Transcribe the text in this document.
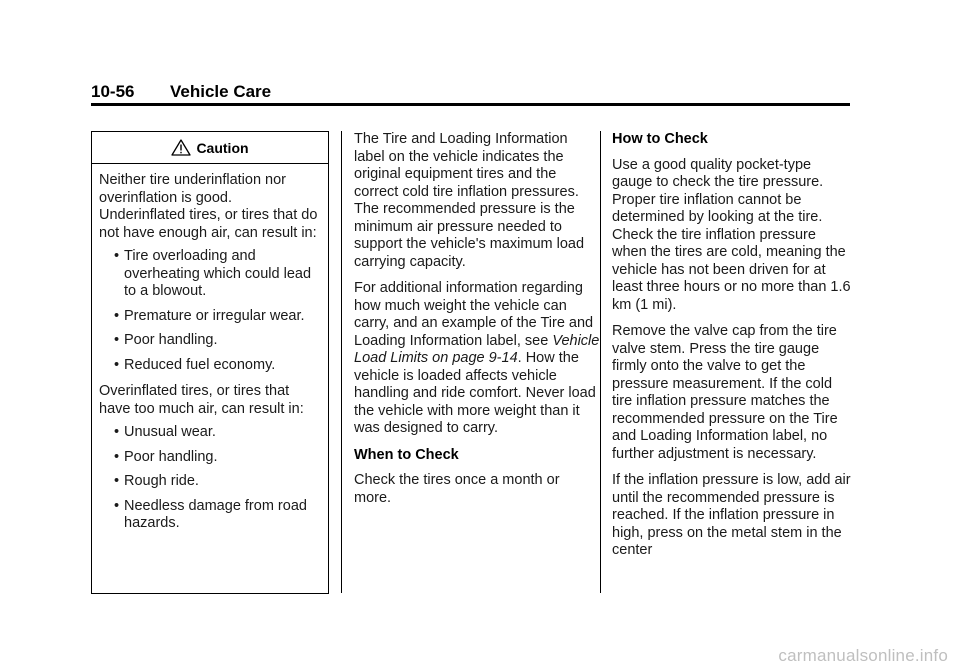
10-56 Vehicle Care
Caution

Neither tire underinflation nor overinflation is good. Underinflated tires, or tires that do not have enough air, can result in:

• Tire overloading and overheating which could lead to a blowout.
• Premature or irregular wear.
• Poor handling.
• Reduced fuel economy.

Overinflated tires, or tires that have too much air, can result in:

• Unusual wear.
• Poor handling.
• Rough ride.
• Needless damage from road hazards.

The Tire and Loading Information label on the vehicle indicates the original equipment tires and the correct cold tire inflation pressures. The recommended pressure is the minimum air pressure needed to support the vehicle's maximum load carrying capacity.

For additional information regarding how much weight the vehicle can carry, and an example of the Tire and Loading Information label, see Vehicle Load Limits on page 9-14. How the vehicle is loaded affects vehicle handling and ride comfort. Never load the vehicle with more weight than it was designed to carry.

When to Check

Check the tires once a month or more.

How to Check

Use a good quality pocket-type gauge to check the tire pressure. Proper tire inflation cannot be determined by looking at the tire. Check the tire inflation pressure when the tires are cold, meaning the vehicle has not been driven for at least three hours or no more than 1.6 km (1 mi).

Remove the valve cap from the tire valve stem. Press the tire gauge firmly onto the valve to get the pressure measurement. If the cold tire inflation pressure matches the recommended pressure on the Tire and Loading Information label, no further adjustment is necessary.

If the inflation pressure is low, add air until the recommended pressure is reached. If the inflation pressure in high, press on the metal stem in the center

carmanualsonline.info
